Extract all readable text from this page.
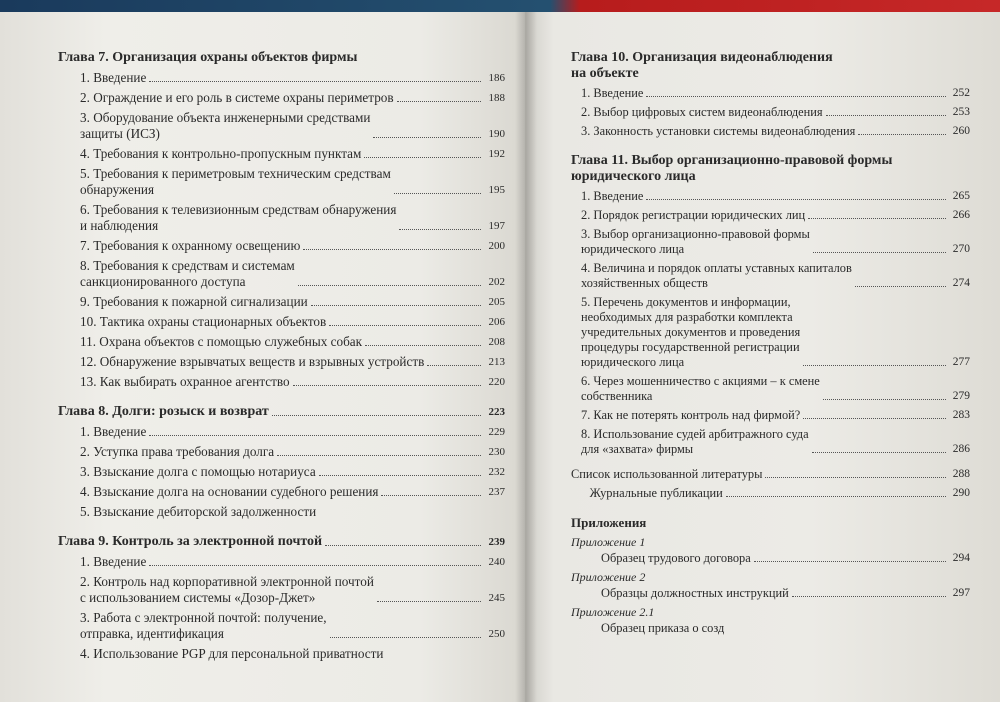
Глава 7. Организация охраны объектов фирмы
1. Введение	186
2. Ограждение и его роль в системе охраны периметров	188
3. Оборудование объекта инженерными средствами
защиты (ИСЗ)	190
4. Требования к контрольно-пропускным пунктам	192
5. Требования к периметровым техническим средствам
обнаружения	195
6. Требования к телевизионным средствам обнаружения
и наблюдения	197
7. Требования к охранному освещению	200
8. Требования к средствам и системам
санкционированного доступа	202
9. Требования к пожарной сигнализации	205
10. Тактика охраны стационарных объектов	206
11. Охрана объектов с помощью служебных собак	208
12. Обнаружение взрывчатых веществ и взрывных устройств	213
13. Как выбирать охранное агентство	220
Глава 8. Долги: розыск и возврат	223
1. Введение	229
2. Уступка права требования долга	230
3. Взыскание долга с помощью нотариуса	232
4. Взыскание долга на основании судебного решения	237
5. Взыскание дебиторской задолженности
Глава 9. Контроль за электронной почтой	239
1. Введение	240
2. Контроль над корпоративной электронной почтой
с использованием системы «Дозор-Джет»	245
3. Работа с электронной почтой: получение,
отправка, идентификация	250
4. Использование PGP для персональной приватности
Глава 10. Организация видеонаблюдения
на объекте
1. Введение	252
2. Выбор цифровых систем видеонаблюдения	253
3. Законность установки системы видеонаблюдения	260
Глава 11. Выбор организационно-правовой формы
юридического лица
1. Введение	265
2. Порядок регистрации юридических лиц	266
3. Выбор организационно-правовой формы
юридического лица	270
4. Величина и порядок оплаты уставных капиталов
хозяйственных обществ	274
5. Перечень документов и информации,
необходимых для разработки комплекта
учредительных документов и проведения
процедуры государственной регистрации
юридического лица	277
6. Через мошенничество с акциями – к смене
собственника	279
7. Как не потерять контроль над фирмой?	283
8. Использование судей арбитражного суда
для «захвата» фирмы	286
Список использованной литературы	288
Журнальные публикации	290
Приложения
Приложение 1
Образец трудового договора	294
Приложение 2
Образцы должностных инструкций	297
Приложение 2.1
Образец приказа о созд
